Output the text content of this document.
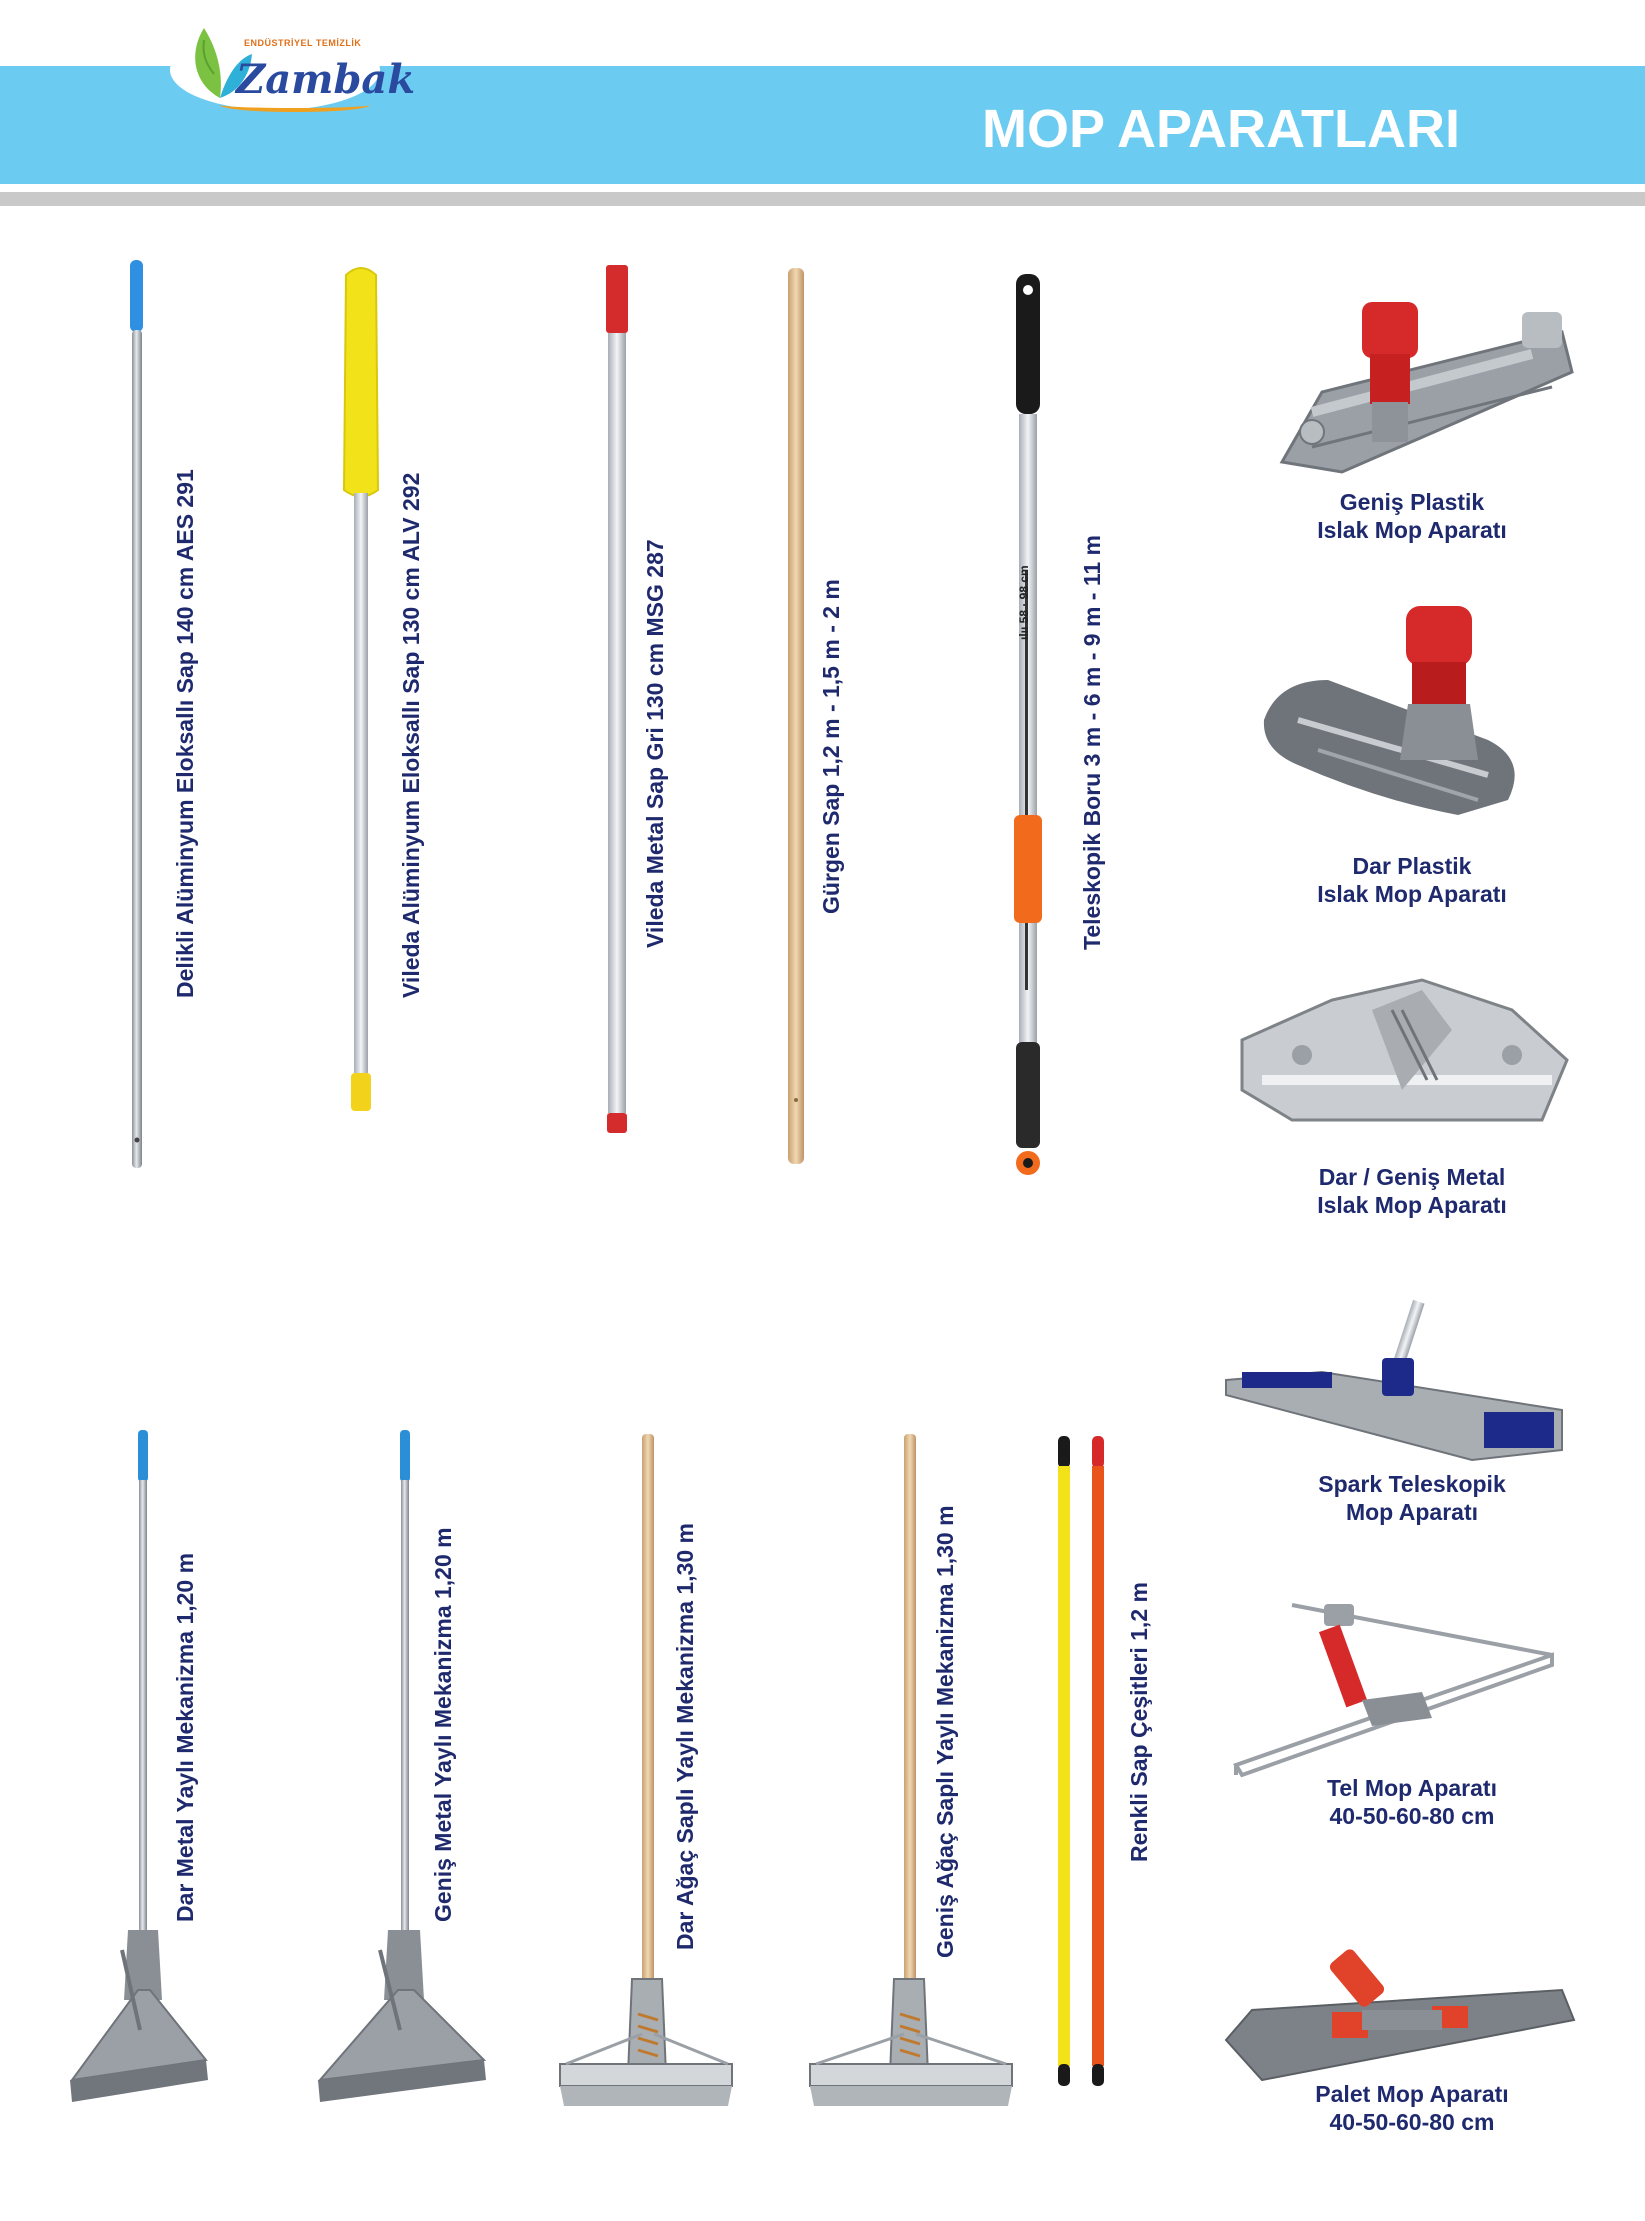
MOP APARATLARI
ENDÜSTRİYEL TEMİZLİK
Zambak
Delikli Alüminyum Eloksallı Sap 140 cm AES 291	Vileda Alüminyum Eloksallı Sap 130 cm ALV 292	Vileda Metal Sap Gri 130 cm MSG 287	Gürgen Sap 1,2 m - 1,5 m - 2 m	ılıı 58 · 98 cm Teleskopik Boru 3 m - 6 m - 9 m - 11 m
Geniş Plastik
Islak Mop Aparatı
Dar Plastik
Islak Mop Aparatı
Dar / Geniş Metal
Islak Mop Aparatı
Spark Teleskopik
Mop Aparatı
Tel Mop Aparatı
40-50-60-80 cm
Palet Mop Aparatı
40-50-60-80 cm
Dar Metal Yaylı Mekanizma 1,20 m	Geniş Metal Yaylı Mekanizma 1,20 m	Dar Ağaç Saplı Yaylı Mekanizma 1,30 m	Geniş Ağaç Saplı Yaylı Mekanizma 1,30 m	Renkli Sap Çeşitleri 1,2 m
